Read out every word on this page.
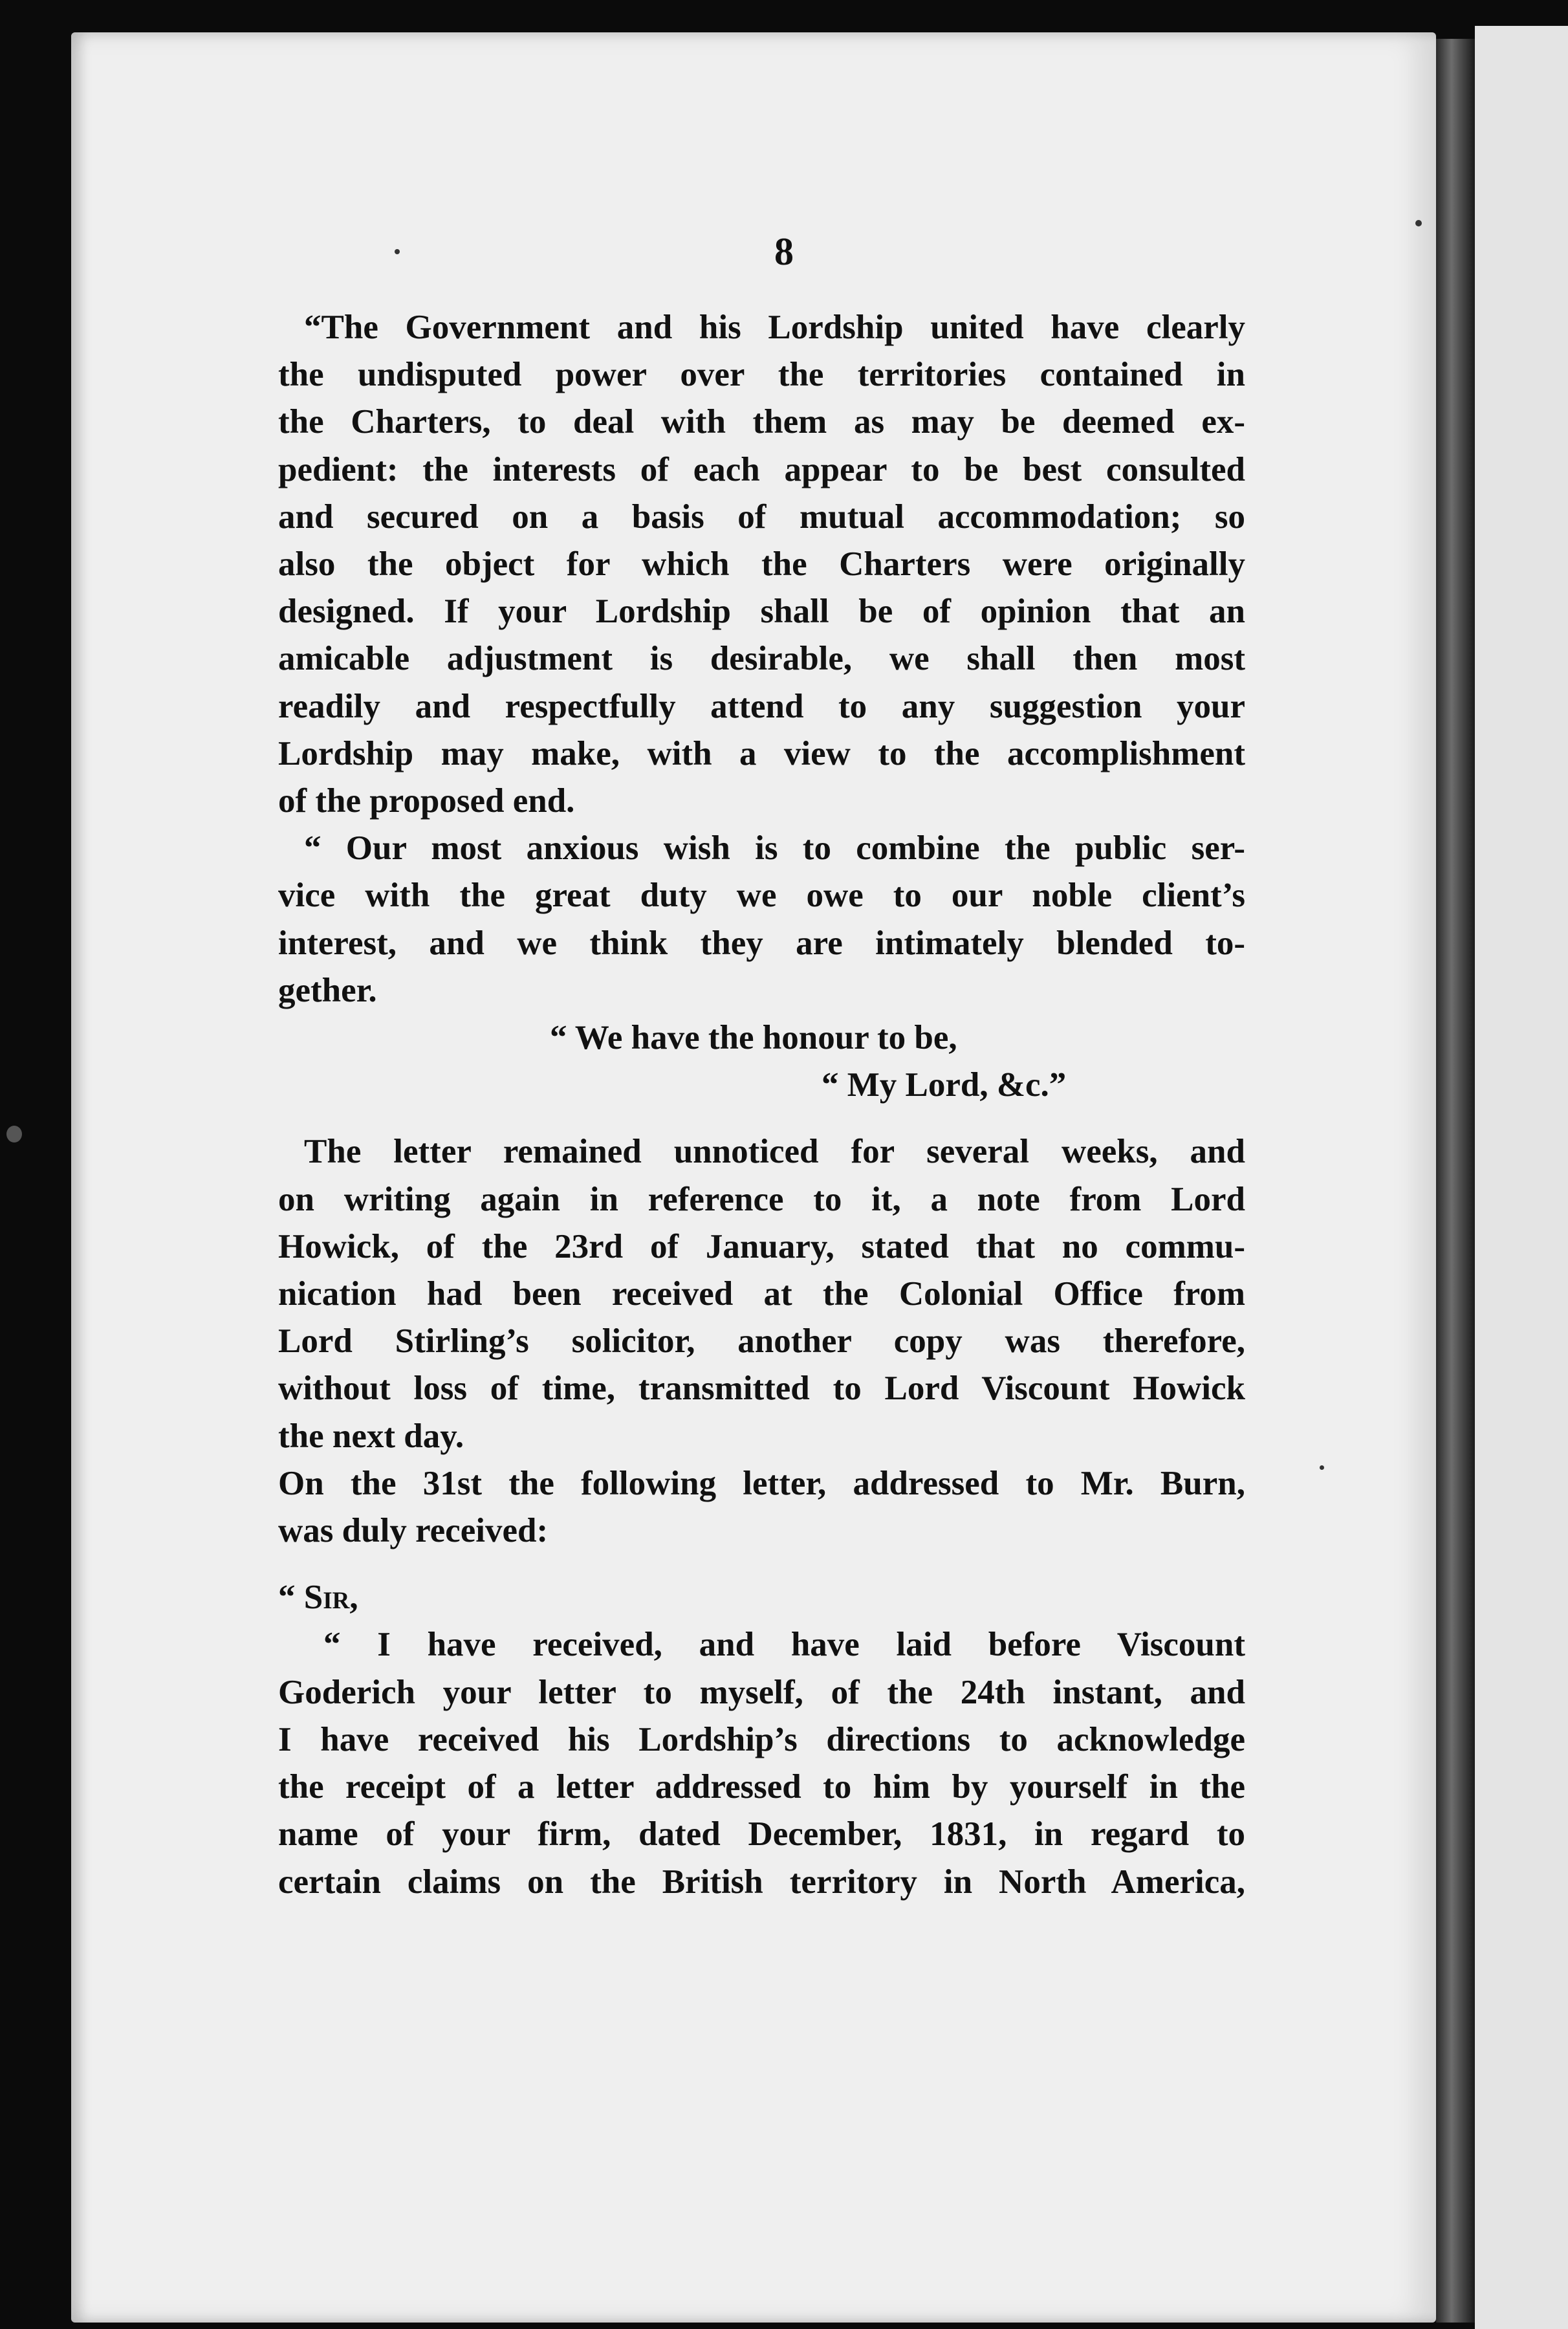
8
“The Government and his Lordship united have clearly
the undisputed power over the territories contained in
the Charters, to deal with them as may be deemed ex-
pedient: the interests of each appear to be best consulted
and secured on a basis of mutual accommodation; so
also the object for which the Charters were originally
designed. If your Lordship shall be of opinion that an
amicable adjustment is desirable, we shall then most
readily and respectfully attend to any suggestion your
Lordship may make, with a view to the accomplishment
of the proposed end.
“ Our most anxious wish is to combine the public ser-
vice with the great duty we owe to our noble client’s
interest, and we think they are intimately blended to-
gether.
“ We have the honour to be,
“ My Lord, &c.”
The letter remained unnoticed for several weeks, and
on writing again in reference to it, a note from Lord
Howick, of the 23rd of January, stated that no commu-
nication had been received at the Colonial Office from
Lord Stirling’s solicitor, another copy was therefore,
without loss of time, transmitted to Lord Viscount Howick
the next day.
On the 31st the following letter, addressed to Mr. Burn,
was duly received:
“ Sir,
“ I have received, and have laid before Viscount
Goderich your letter to myself, of the 24th instant, and
I have received his Lordship’s directions to acknowledge
the receipt of a letter addressed to him by yourself in the
name of your firm, dated December, 1831, in regard to
certain claims on the British territory in North America,
